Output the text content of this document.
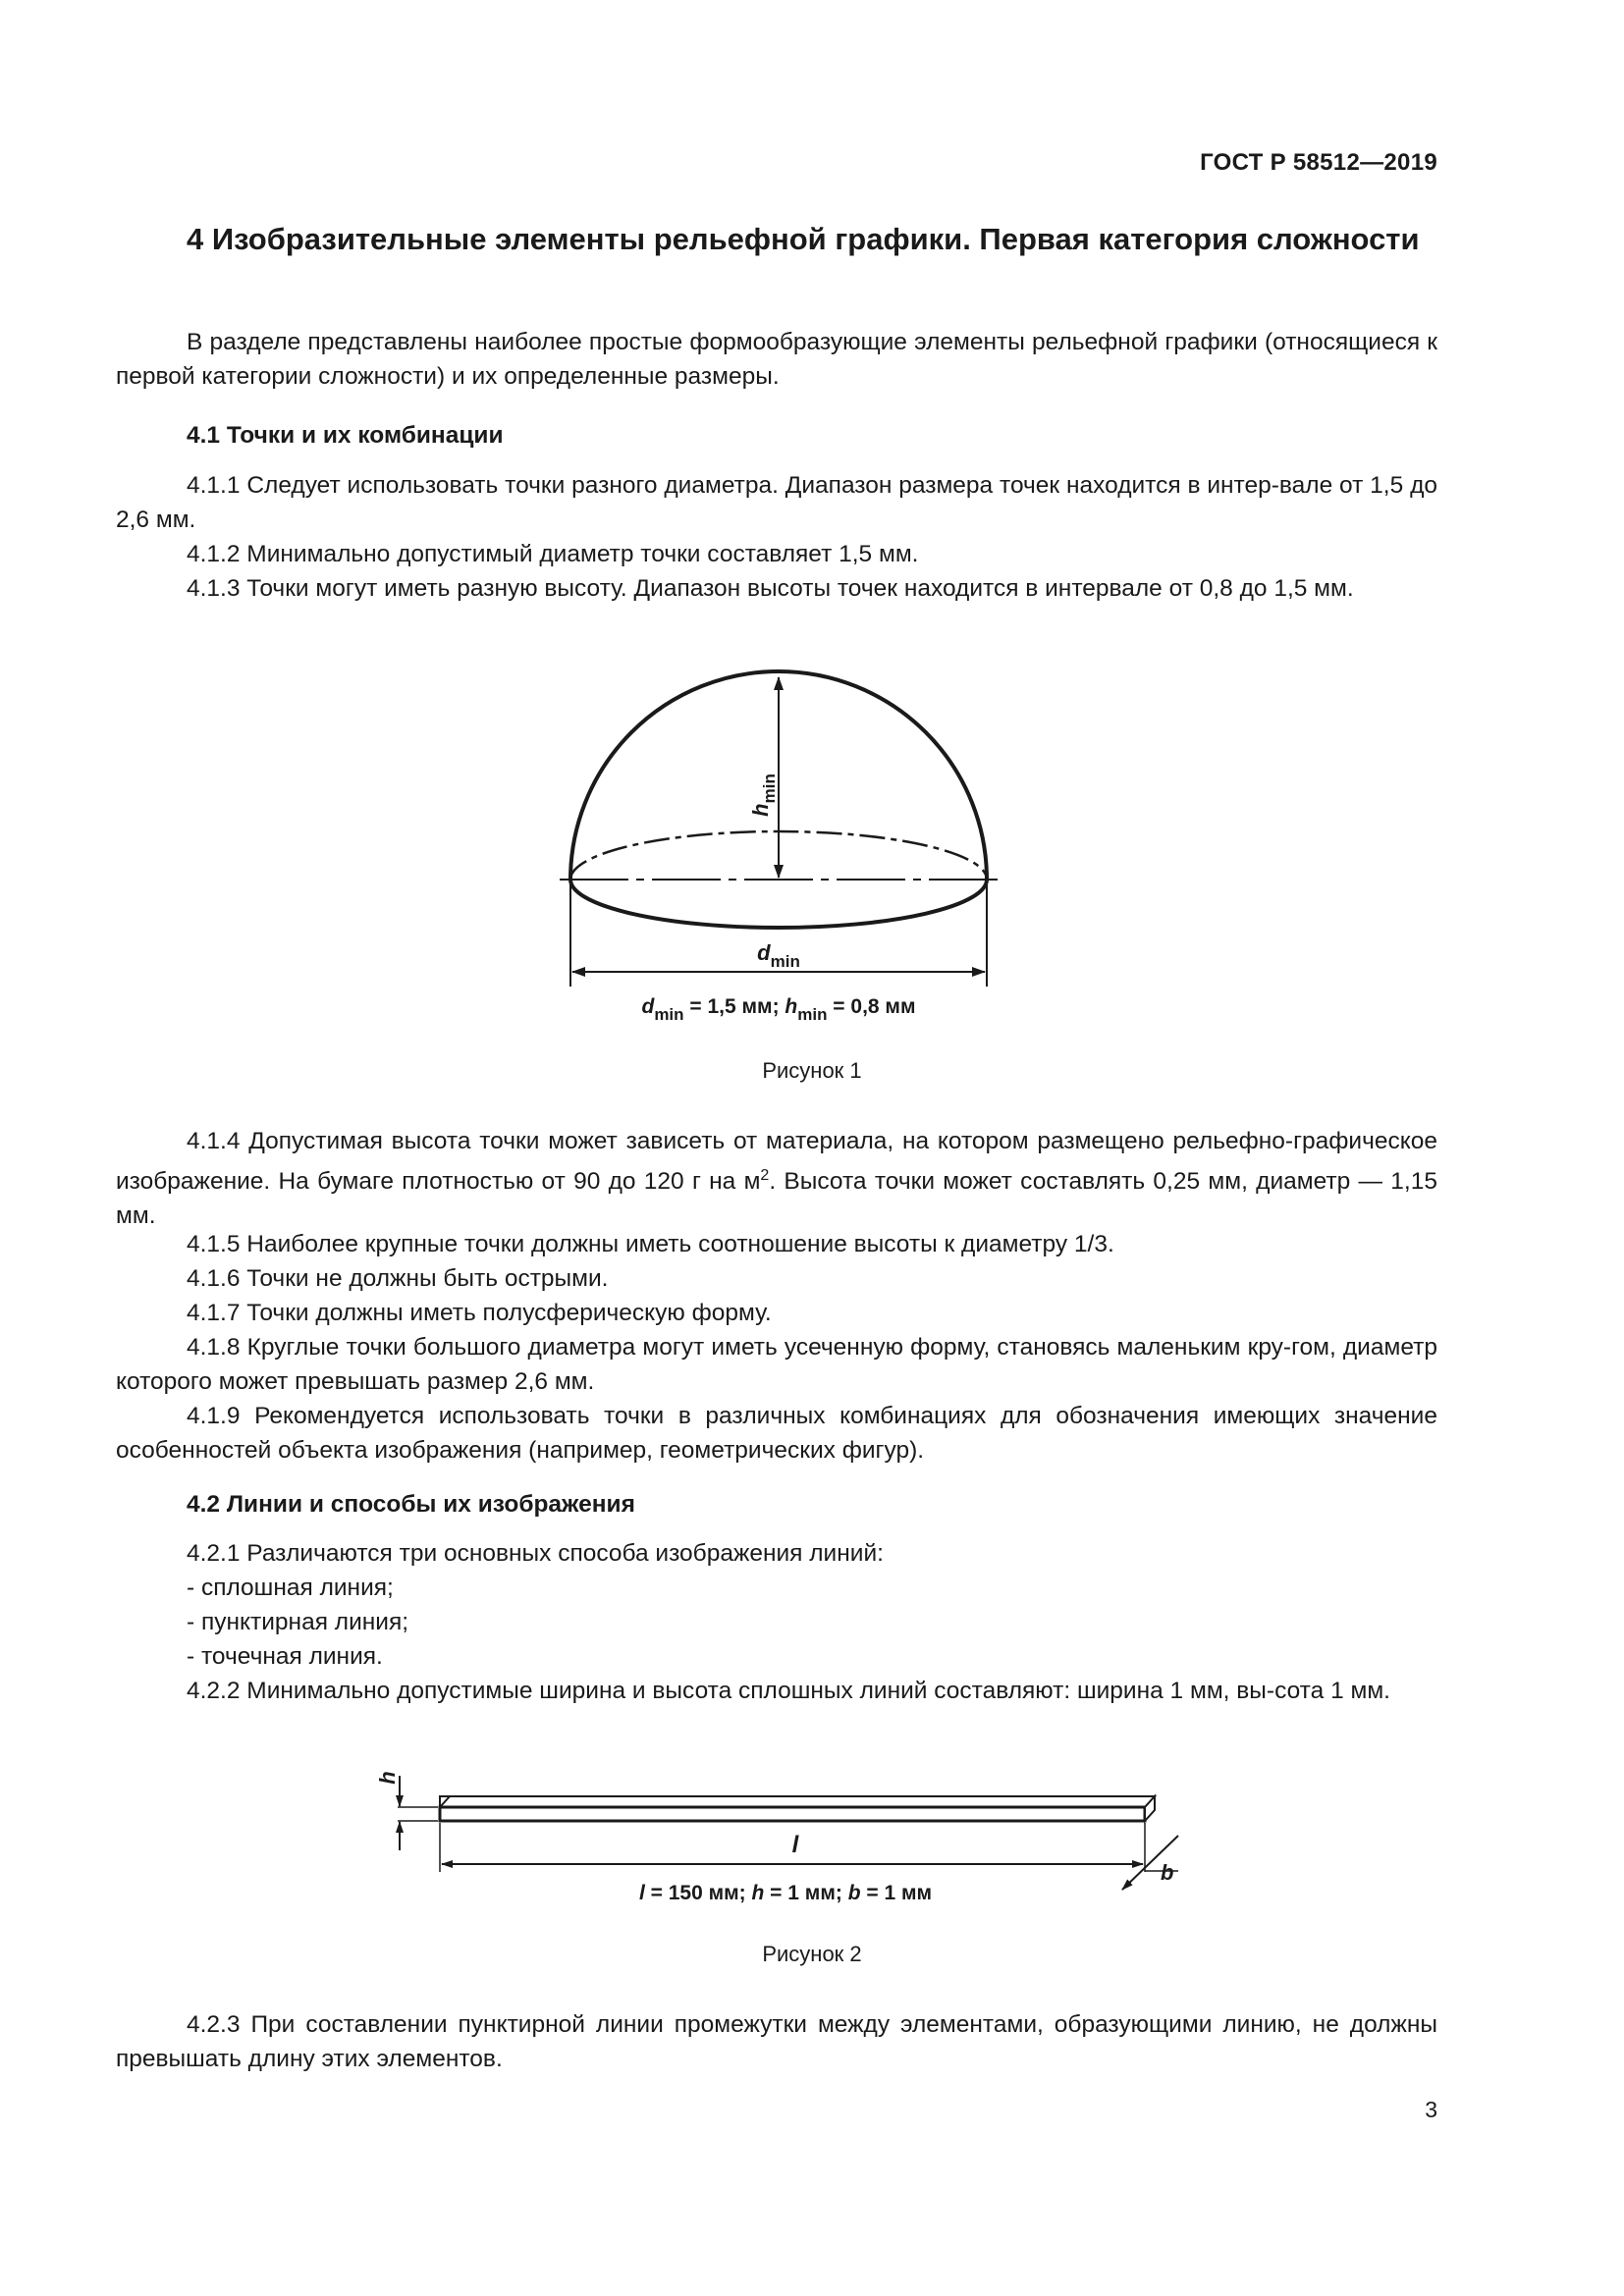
ГОСТ Р 58512—2019
4 Изобразительные элементы рельефной графики. Первая категория сложности

В разделе представлены наиболее простые формообразующие элементы рельефной графики (относящиеся к первой категории сложности) и их определенные размеры.

4.1 Точки и их комбинации

4.1.1 Следует использовать точки разного диаметра. Диапазон размера точек находится в интер-вале от 1,5 до 2,6 мм.

4.1.2 Минимально допустимый диаметр точки составляет 1,5 мм.

4.1.3 Точки могут иметь разную высоту. Диапазон высоты точек находится в интервале от 0,8 до 1,5 мм.

$h_{min}$
$d_{min}$
$d_{min} = 1,5$ мм; $h_{min} = 0,8$ мм
Рисунок 1

4.1.4 Допустимая высота точки может зависеть от материала, на котором размещено рельефно-графическое изображение. На бумаге плотностью от 90 до 120 г на $м^2$. Высота точки может составлять 0,25 мм, диаметр — 1,15 мм.

4.1.5 Наиболее крупные точки должны иметь соотношение высоты к диаметру 1/3.

4.1.6 Точки не должны быть острыми.

4.1.7 Точки должны иметь полусферическую форму.

4.1.8 Круглые точки большого диаметра могут иметь усеченную форму, становясь маленьким кру-гом, диаметр которого может превышать размер 2,6 мм.

4.1.9 Рекомендуется использовать точки в различных комбинациях для обозначения имеющих значение особенностей объекта изображения (например, геометрических фигур).

4.2 Линии и способы их изображения

4.2.1 Различаются три основных способа изображения линий:

- сплошная линия;

- пунктирная линия;

- точечная линия.

4.2.2 Минимально допустимые ширина и высота сплошных линий составляют: ширина 1 мм, вы-сота 1 мм.

h
l
b
l = 150 мм; h = 1 мм; b = 1 мм
Рисунок 2

4.2.3 При составлении пунктирной линии промежутки между элементами, образующими линию, не должны превышать длину этих элементов.

3
